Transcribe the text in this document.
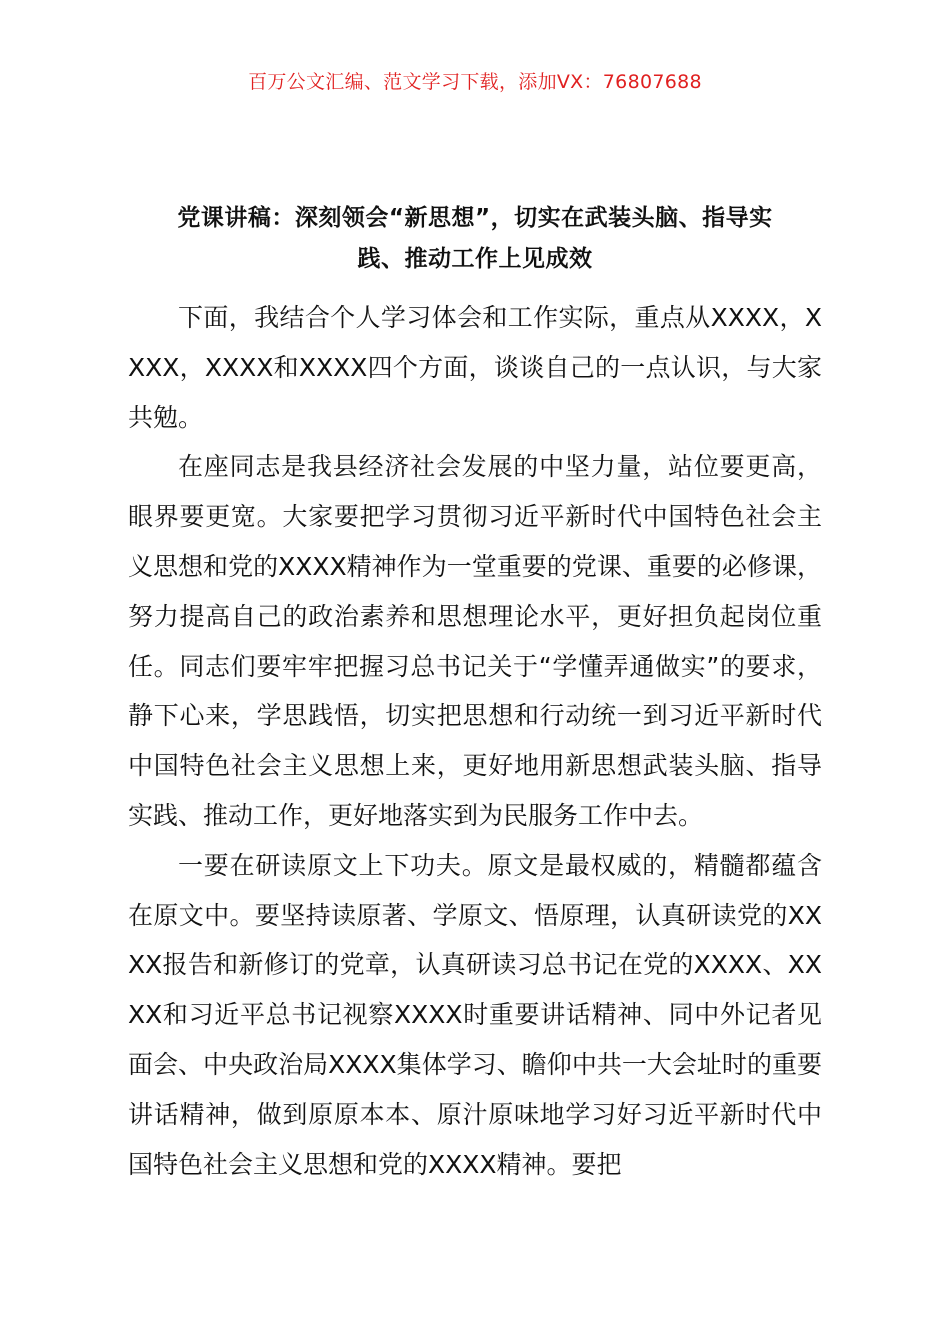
百万公文汇编、范文学习下载，添加VX：76807688
党课讲稿：深刻领会“新思想”，切实在武装头脑、指导实
践、推动工作上见成效

下面，我结合个人学习体会和工作实际，重点从XXXX，XXXX，XXXX和XXXX四个方面，谈谈自己的一点认识，与大家共勉。

在座同志是我县经济社会发展的中坚力量，站位要更高，眼界要更宽。大家要把学习贯彻习近平新时代中国特色社会主义思想和党的XXXX精神作为一堂重要的党课、重要的必修课，努力提高自己的政治素养和思想理论水平，更好担负起岗位重任。同志们要牢牢把握习总书记关于“学懂弄通做实”的要求，静下心来，学思践悟，切实把思想和行动统一到习近平新时代中国特色社会主义思想上来，更好地用新思想武装头脑、指导实践、推动工作，更好地落实到为民服务工作中去。

一要在研读原文上下功夫。原文是最权威的，精髓都蕴含在原文中。要坚持读原著、学原文、悟原理，认真研读党的XXXX报告和新修订的党章，认真研读习总书记在党的XXXX、XXXX和习近平总书记视察XXXX时重要讲话精神、同中外记者见面会、中央政治局XXXX集体学习、瞻仰中共一大会址时的重要讲话精神，做到原原本本、原汁原味地学习好习近平新时代中国特色社会主义思想和党的XXXX精神。要把
